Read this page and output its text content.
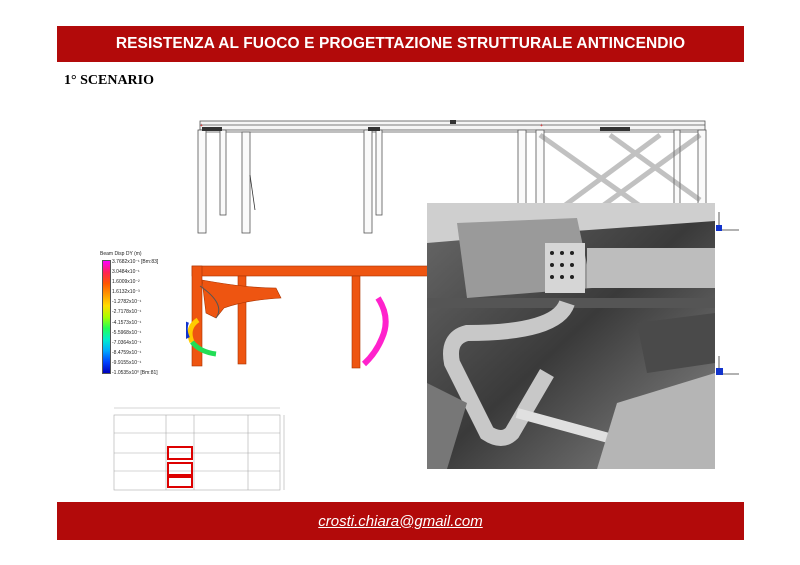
RESISTENZA AL FUOCO E PROGETTAZIONE STRUTTURALE ANTINCENDIO
1° SCENARIO
+	+
Beam Disp DY (m)
3.7682x10⁻¹ [Bm:83]
3.0484x10⁻¹
1.6009x10⁻²
1.6132x10⁻³
-1.2782x10⁻¹
-2.7178x10⁻¹
-4.1573x10⁻¹
-5.5968x10⁻¹
-7.0364x10⁻¹
-8.4759x10⁻¹
-9.9155x10⁻¹
-1.0535x10⁰ [Bm:81]
crosti.chiara@gmail.com
